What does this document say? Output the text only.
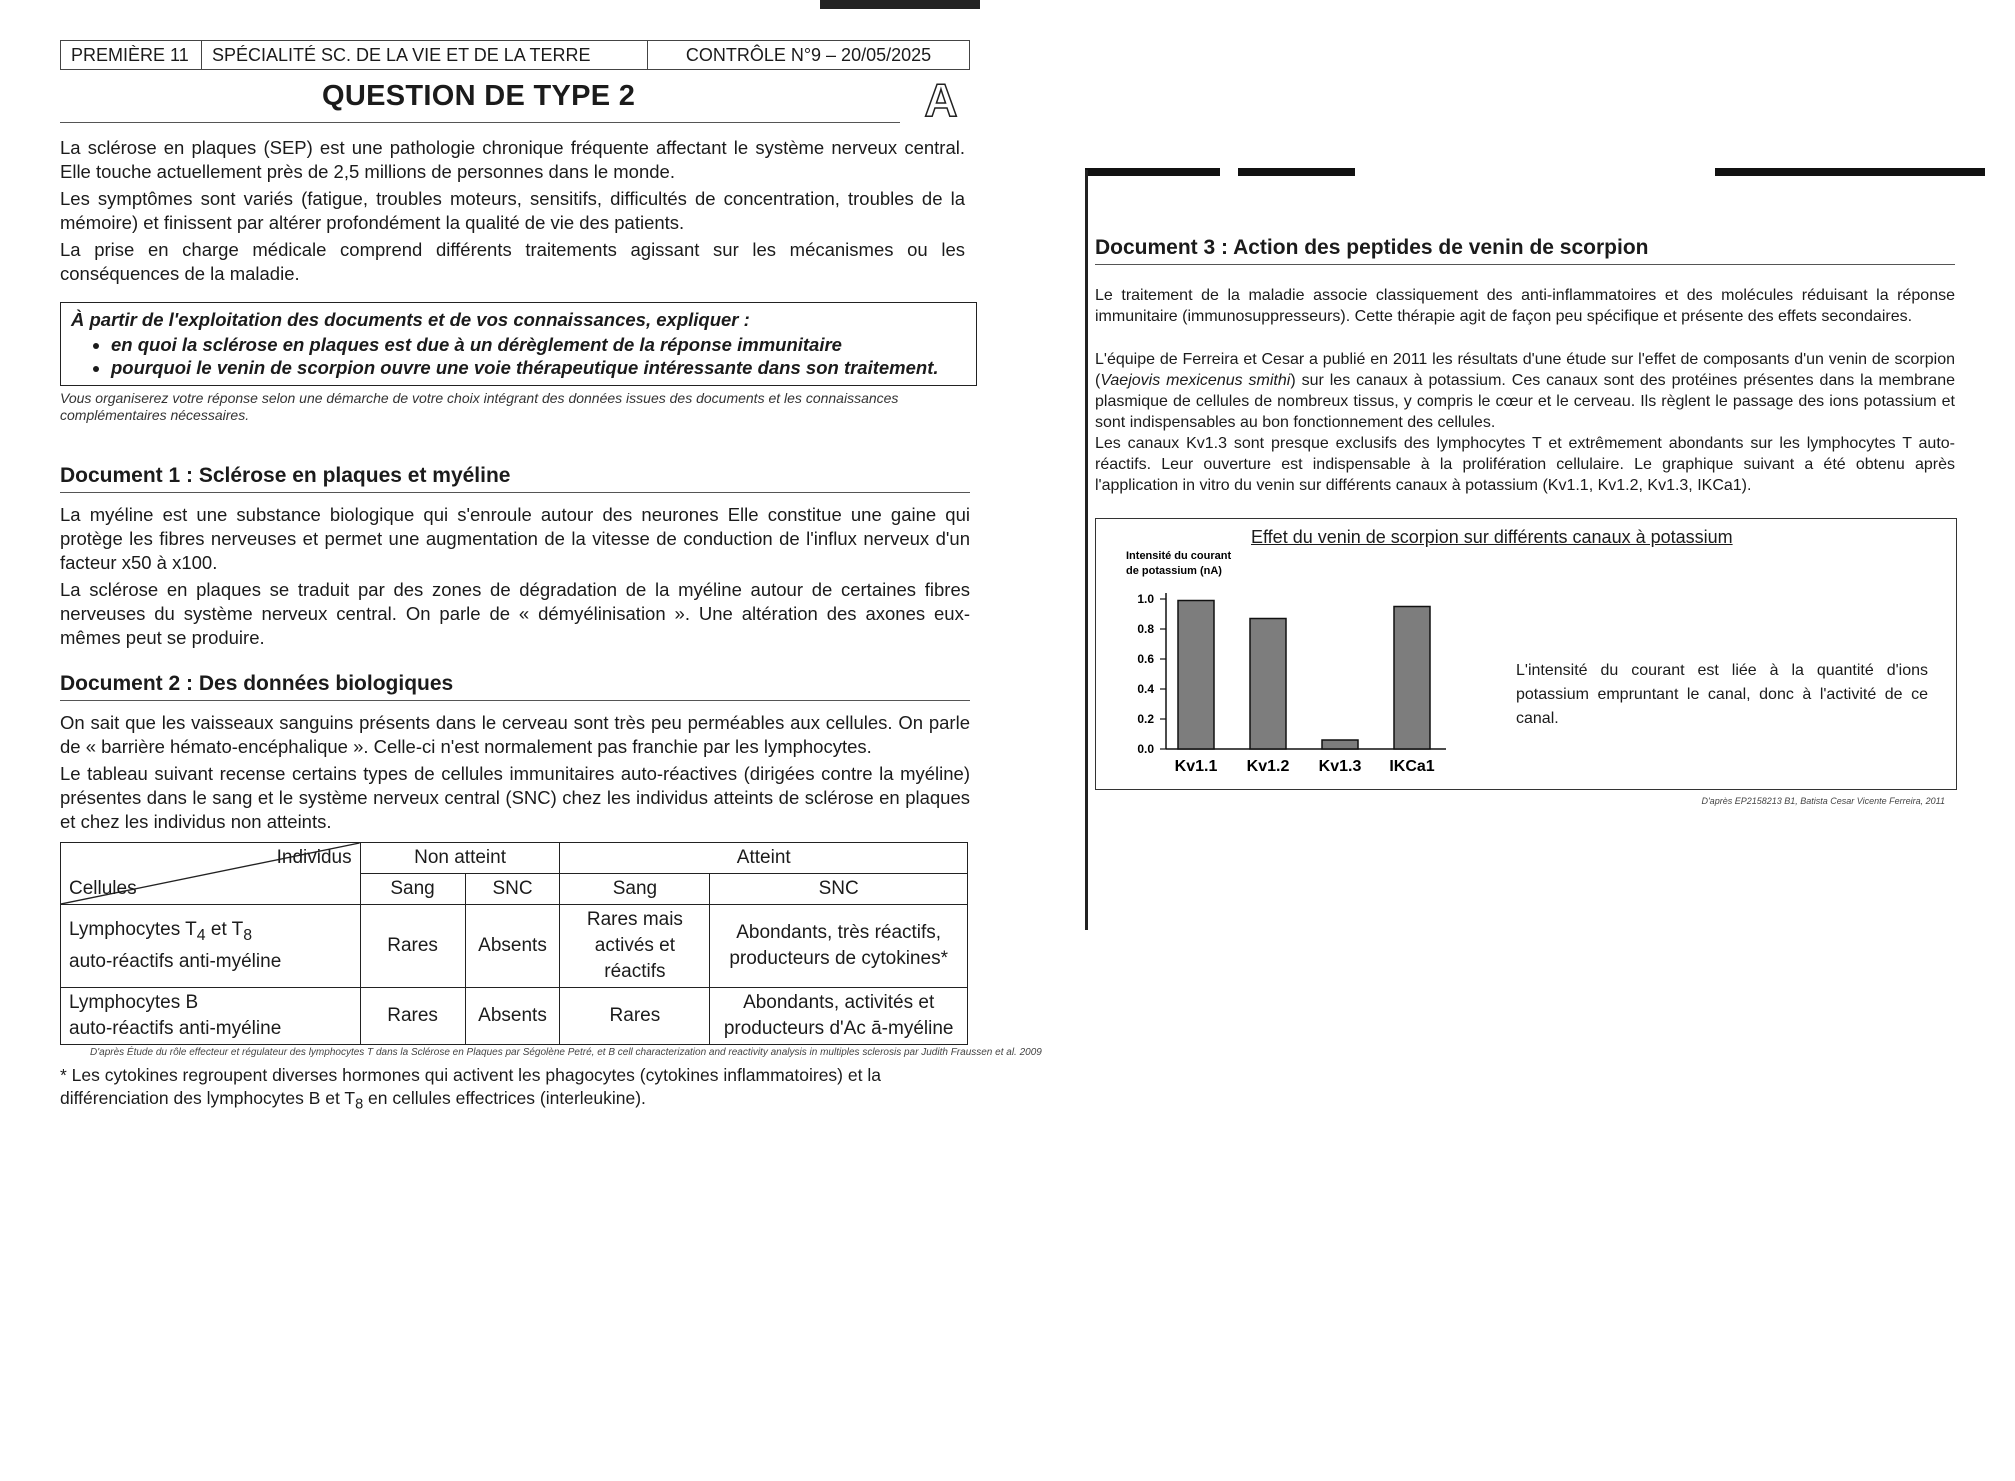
PREMIÈRE 11	SPÉCIALITÉ SC. DE LA VIE ET DE LA TERRE	CONTRÔLE N°9 – 20/05/2025
QUESTION DE TYPE 2	A

La sclérose en plaques (SEP) est une pathologie chronique fréquente affectant le système nerveux central. Elle touche actuellement près de 2,5 millions de personnes dans le monde.

Les symptômes sont variés (fatigue, troubles moteurs, sensitifs, difficultés de concentration, troubles de la mémoire) et finissent par altérer profondément la qualité de vie des patients.

La prise en charge médicale comprend différents traitements agissant sur les mécanismes ou les conséquences de la maladie.

À partir de l'exploitation des documents et de vos connaissances, expliquer :

• en quoi la sclérose en plaques est due à un dérèglement de la réponse immunitaire
• pourquoi le venin de scorpion ouvre une voie thérapeutique intéressante dans son traitement.

Vous organiserez votre réponse selon une démarche de votre choix intégrant des données issues des documents et les connaissances complémentaires nécessaires.

Document 1 : Sclérose en plaques et myéline

La myéline est une substance biologique qui s'enroule autour des neurones Elle constitue une gaine qui protège les fibres nerveuses et permet une augmentation de la vitesse de conduction de l'influx nerveux d'un facteur x50 à x100.

La sclérose en plaques se traduit par des zones de dégradation de la myéline autour de certaines fibres nerveuses du système nerveux central. On parle de « démyélinisation ». Une altération des axones eux-mêmes peut se produire.

Document 2 : Des données biologiques

On sait que les vaisseaux sanguins présents dans le cerveau sont très peu perméables aux cellules. On parle de « barrière hémato-encéphalique ». Celle-ci n'est normalement pas franchie par les lymphocytes.

Le tableau suivant recense certains types de cellules immunitaires auto-réactives (dirigées contre la myéline) présentes dans le sang et le système nerveux central (SNC) chez les individus atteints de sclérose en plaques et chez les individus non atteints.

Individus
Cellules	Non atteint		Atteint	
	Sang	SNC	Sang	SNC
Lymphocytes $T_4$ et $T_8$
auto-réactifs anti-myéline	Rares	Absents	Rares mais activés et réactifs	Abondants, très réactifs, producteurs de cytokines*
Lymphocytes B
auto-réactifs anti-myéline	Rares	Absents	Rares	Abondants, activités et producteurs d'Ac ā-myéline
D'après Étude du rôle effecteur et régulateur des lymphocytes T dans la Sclérose en Plaques par Ségolène Petré, et B cell characterization and reactivity analysis in multiples sclerosis par Judith Fraussen et al. 2009
* Les cytokines regroupent diverses hormones qui activent les phagocytes (cytokines inflammatoires) et la différenciation des lymphocytes B et $T_8$ en cellules effectrices (interleukine).
Document 3 : Action des peptides de venin de scorpion

Le traitement de la maladie associe classiquement des anti-inflammatoires et des molécules réduisant la réponse immunitaire (immunosuppresseurs). Cette thérapie agit de façon peu spécifique et présente des effets secondaires.

L'équipe de Ferreira et Cesar a publié en 2011 les résultats d'une étude sur l'effet de composants d'un venin de scorpion (Vaejovis mexicenus smithi) sur les canaux à potassium. Ces canaux sont des protéines présentes dans la membrane plasmique de cellules de nombreux tissus, y compris le cœur et le cerveau. Ils règlent le passage des ions potassium et sont indispensables au bon fonctionnement des cellules.

Les canaux Kv1.3 sont presque exclusifs des lymphocytes T et extrêmement abondants sur les lymphocytes T auto-réactifs. Leur ouverture est indispensable à la prolifération cellulaire. Le graphique suivant a été obtenu après l'application in vitro du venin sur différents canaux à potassium (Kv1.1, Kv1.2, Kv1.3, IKCa1).

Effet du venin de scorpion sur différents canaux à potassium
Intensité du courant
de potassium (nA)
0.0
0.2
0.4
0.6
0.8
1.0
Kv1.1 Kv1.2 Kv1.3 IKCa1
L'intensité du courant est liée à la quantité d'ions potassium empruntant le canal, donc à l'activité de ce canal.
D'après EP2158213 B1, Batista Cesar Vicente Ferreira, 2011
